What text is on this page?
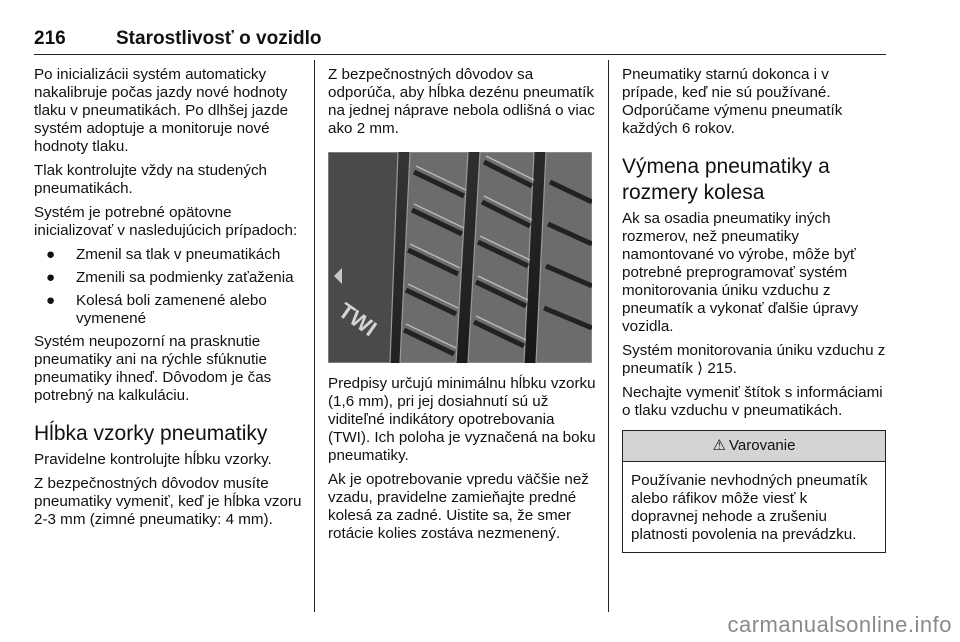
216	Starostlivosť o vozidlo

Po inicializácii systém automaticky nakalibruje počas jazdy nové hodnoty tlaku v pneumatikách. Po dlhšej jazde systém adoptuje a monitoruje nové hodnoty tlaku.

Tlak kontrolujte vždy na studených pneumatikách.

Systém je potrebné opätovne inicializovať v nasledujúcich prípadoch:

● Zmenil sa tlak v pneumatikách
● Zmenili sa podmienky zaťaženia
● Kolesá boli zamenené alebo vymenené

Systém neupozorní na prasknutie pneumatiky ani na rýchle sfúknutie pneumatiky ihneď. Dôvodom je čas potrebný na kalkuláciu.

Hĺbka vzorky pneumatiky

Pravidelne kontrolujte hĺbku vzorky.

Z bezpečnostných dôvodov musíte pneumatiky vymeniť, keď je hĺbka vzoru 2-3 mm (zimné pneumatiky: 4 mm).

Z bezpečnostných dôvodov sa odporúča, aby hĺbka dezénu pneumatík na jednej náprave nebola odlišná o viac ako 2 mm.

TWI

Predpisy určujú minimálnu hĺbku vzorku (1,6 mm), pri jej dosiahnutí sú už viditeľné indikátory opotrebovania (TWI). Ich poloha je vyznačená na boku pneumatiky.

Ak je opotrebovanie vpredu väčšie než vzadu, pravidelne zamieňajte predné kolesá za zadné. Uistite sa, že smer rotácie kolies zostáva nezmenený.

Pneumatiky starnú dokonca i v prípade, keď nie sú používané. Odporúčame výmenu pneumatík každých 6 rokov.

Výmena pneumatiky a rozmery kolesa

Ak sa osadia pneumatiky iných rozmerov, než pneumatiky namontované vo výrobe, môže byť potrebné preprogramovať systém monitorovania úniku vzduchu z pneumatík a vykonať ďalšie úpravy vozidla.

Systém monitorovania úniku vzduchu z pneumatík ⟩ 215.

Nechajte vymeniť štítok s informáciami o tlaku vzduchu v pneumatikách.

⚠ Varovanie
Používanie nevhodných pneumatík alebo ráfikov môže viesť k dopravnej nehode a zrušeniu platnosti povolenia na prevádzku.
carmanualsonline.info
